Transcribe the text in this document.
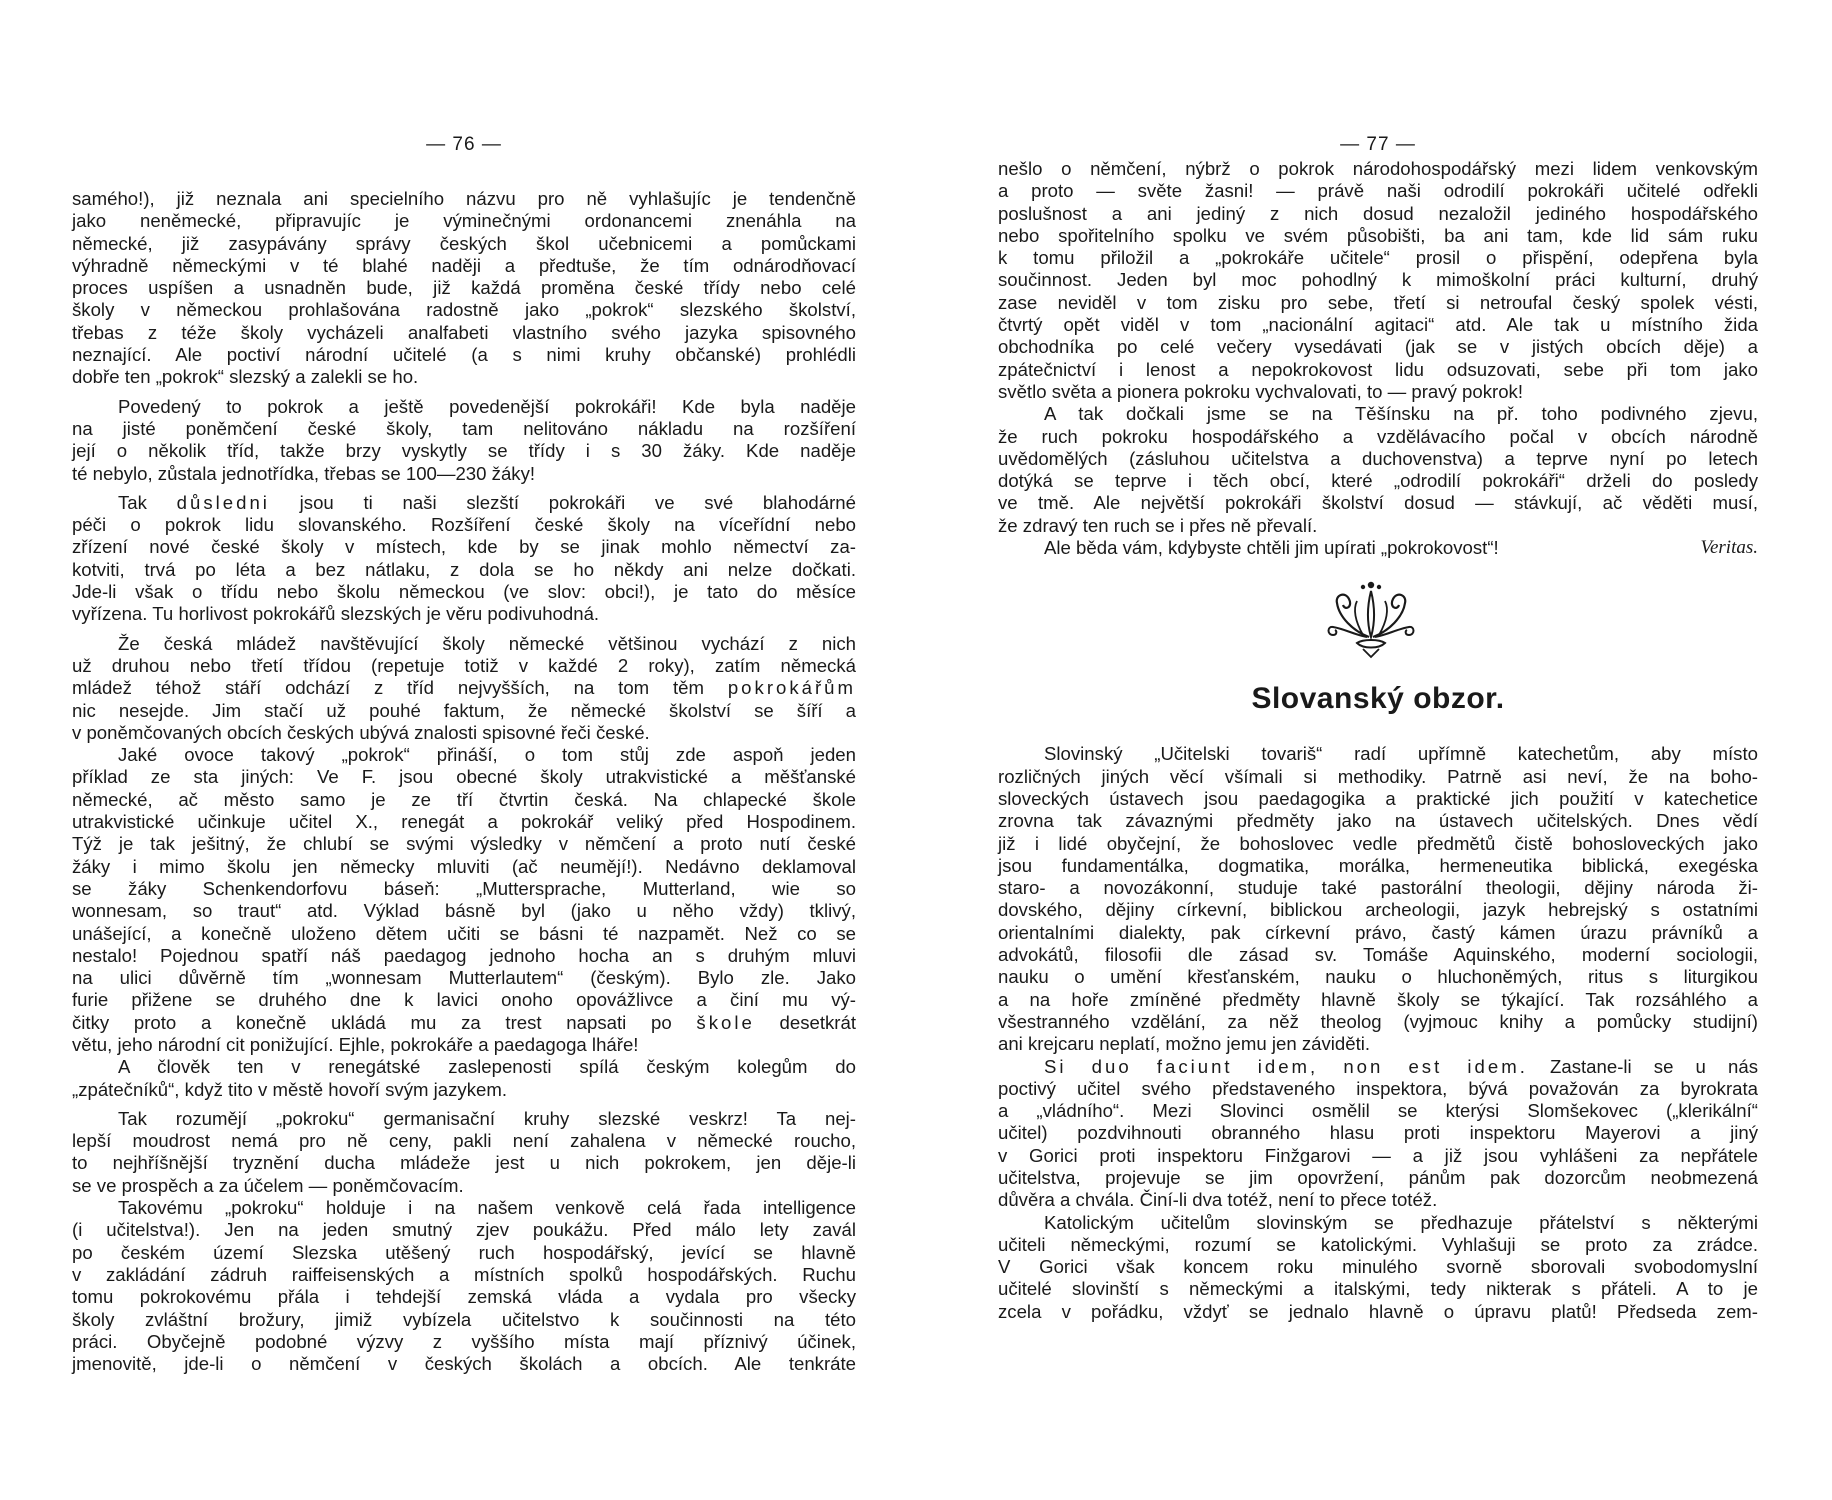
— 76 —
samého!), již neznala ani specielního názvu pro ně vyhlašujíc je tendenčně
jako neněmecké, připravujíc je výminečnými ordonancemi znenáhla na
německé, již zasypávány správy českých škol učebnicemi a pomůckami
výhradně německými v té blahé naději a předtuše, že tím odnárodňovací
proces uspíšen a usnadněn bude, již každá proměna české třídy nebo celé
školy v německou prohlašována radostně jako „pokrok“ slezského školství,
třebas z téže školy vycházeli analfabeti vlastního svého jazyka spisovného
neznající. Ale poctiví národní učitelé (a s nimi kruhy občanské) prohlédli
dobře ten „pokrok“ slezský a zalekli se ho.
Povedený to pokrok a ještě povedenější pokrokáři! Kde byla naděje
na jisté poněmčení české školy, tam nelitováno nákladu na rozšíření
její o několik tříd, takže brzy vyskytly se třídy i s 30 žáky. Kde naděje
té nebylo, zůstala jednotřídka, třebas se 100—230 žáky!
Tak důsledni jsou ti naši slezští pokrokáři ve své blahodárné
péči o pokrok lidu slovanského. Rozšíření české školy na víceřídní nebo
zřízení nové české školy v místech, kde by se jinak mohlo němectví za-
kotviti, trvá po léta a bez nátlaku, z dola se ho někdy ani nelze dočkati.
Jde-li však o třídu nebo školu německou (ve slov: obci!), je tato do měsíce
vyřízena. Tu horlivost pokrokářů slezských je věru podivuhodná.
Že česká mládež navštěvující školy německé většinou vychází z nich
už druhou nebo třetí třídou (repetuje totiž v každé 2 roky), zatím německá
mládež téhož stáří odchází z tříd nejvyšších, na tom těm pokrokářům
nic nesejde. Jim stačí už pouhé faktum, že německé školství se šíří a
v poněmčovaných obcích českých ubývá znalosti spisovné řeči české.
Jaké ovoce takový „pokrok“ přináší, o tom stůj zde aspoň jeden
příklad ze sta jiných: Ve F. jsou obecné školy utrakvistické a měšťanské
německé, ač město samo je ze tří čtvrtin česká. Na chlapecké škole
utrakvistické učinkuje učitel X., renegát a pokrokář veliký před Hospodinem.
Týž je tak ješitný, že chlubí se svými výsledky v němčení a proto nutí české
žáky i mimo školu jen německy mluviti (ač neumějí!). Nedávno deklamoval
se žáky Schenkendorfovu báseň: „Muttersprache, Mutterland, wie so
wonnesam, so traut“ atd. Výklad básně byl (jako u něho vždy) tklivý,
unášející, a konečně uloženo dětem učiti se básni té nazpamět. Než co se
nestalo! Pojednou spatří náš paedagog jednoho hocha an s druhým mluvi
na ulici důvěrně tím „wonnesam Mutterlautem“ (českým). Bylo zle. Jako
furie přiženе se druhého dne k lavici onoho opovážlivce a činí mu vý-
čitky proto a konečně ukládá mu za trest napsati po škole desetkrát
větu, jeho národní cit ponižující. Ejhle, pokrokáře a paedagoga lháře!
A člověk ten v renegátské zaslepenosti spílá českým kolegům do
„zpátečníků“, když tito v městě hovoří svým jazykem.
Tak rozumějí „pokroku“ germanisační kruhy slezské veskrz! Ta nej-
lepší moudrost nemá pro ně ceny, pakli není zahalena v německé roucho,
to nejhříšnější tryznění ducha mládeže jest u nich pokrokem, jen děje-li
se ve prospěch a za účelem — poněmčovacím.
Takovému „pokroku“ holduje i na našem venkově celá řada intelligence
(i učitelstva!). Jen na jeden smutný zjev poukážu. Před málo lety zavál
po českém území Slezska utěšený ruch hospodářský, jevící se hlavně
v zakládání zádruh raiffeisenských a místních spolků hospodářských. Ruchu
tomu pokrokovému přála i tehdejší zemská vláda a vydala pro všecky
školy zvláštní brožury, jimiž vybízela učitelstvo k součinnosti na této
práci. Obyčejně podobné výzvy z vyššího místa mají příznivý účinek,
jmenovitě, jde-li o němčení v českých školách a obcích. Ale tenkráte
— 77 —
nešlo o němčení, nýbrž o pokrok národohospodářský mezi lidem venkovským
a proto — světe žasni! — právě naši odrodilí pokrokáři učitelé odřekli
poslušnost a ani jediný z nich dosud nezaložil jediného hospodářského
nebo spořitelního spolku ve svém působišti, ba ani tam, kde lid sám ruku
k tomu přiložil a „pokrokáře učitele“ prosil o přispění, odepřena byla
součinnost. Jeden byl moc pohodlný k mimoškolní práci kulturní, druhý
zase neviděl v tom zisku pro sebe, třetí si netroufal český spolek vésti,
čtvrtý opět viděl v tom „nacionální agitaci“ atd. Ale tak u místního žida
obchodníka po celé večery vysedávati (jak se v jistých obcích děje) a
zpátečnictví i lenost a nepokrokovost lidu odsuzovati, sebe při tom jako
světlo světa a pionera pokroku vychvalovati, to — pravý pokrok!
A tak dočkali jsme se na Těšínsku na př. toho podivného zjevu,
že ruch pokroku hospodářského a vzdělávacího počal v obcích národně
uvědomělých (zásluhou učitelstva a duchovenstva) a teprve nyní po letech
dotýká se teprve i těch obcí, které „odrodilí pokrokáři“ drželi do posledy
ve tmě. Ale největší pokrokáři školství dosud — stávkují, ač věděti musí,
že zdravý ten ruch se i přes ně převalí.
Ale běda vám, kdybyste chtěli jim upírati „pokrokovost“!	Veritas.
Slovanský obzor.
Slovinský „Učitelski tovariš“ radí upřímně katechetům, aby místo
rozličných jiných věcí všímali si methodiky. Patrně asi neví, že na boho-
sloveckých ústavech jsou paedagogika a praktické jich použití v katechetice
zrovna tak závaznými předměty jako na ústavech učitelských. Dnes vědí
již i lidé obyčejní, že bohoslovec vedle předmětů čistě bohosloveckých jako
jsou fundamentálka, dogmatika, morálka, hermeneutika biblická, exegéska
staro- a novozákonní, studuje také pastorální theologii, dějiny národa ži-
dovského, dějiny církevní, biblickou archeologii, jazyk hebrejský s ostatními
orientalními dialekty, pak církevní právo, častý kámen úrazu právníků a
advokátů, filosofii dle zásad sv. Tomáše Aquinského, moderní sociologii,
nauku o umění křesťanském, nauku o hluchoněmých, ritus s liturgikou
a na hoře zmíněné předměty hlavně školy se týkající. Tak rozsáhlého a
všestranného vzdělání, za něž theolog (vyjmouc knihy a pomůcky studijní)
ani krejcaru neplatí, možno jemu jen záviděti.
Si duo faciunt idem, non est idem. Zastane-li se u nás
poctivý učitel svého představeného inspektora, bývá považován za byrokrata
a „vládního“. Mezi Slovinci osmělil se kterýsi Slomšekovec („klerikální“
učitel) pozdvihnouti obranného hlasu proti inspektoru Mayerovi a jiný
v Gorici proti inspektoru Finžgarovi — a již jsou vyhlášeni za nepřátele
učitelstva, projevuje se jim opovržení, pánům pak dozorcům neobmezená
důvěra a chvála. Činí-li dva totéž, není to přece totéž.
Katolickým učitelům slovinským se předhazuje přátelství s některými
učiteli německými, rozumí se katolickými. Vyhlašuji se proto za zrádce.
V Gorici však koncem roku minulého svorně sborovali svobodomyslní
učitelé slovinští s německými a italskými, tedy nikterak s přáteli. A to je
zcela v pořádku, vždyť se jednalo hlavně o úpravu platů! Předseda zem-
